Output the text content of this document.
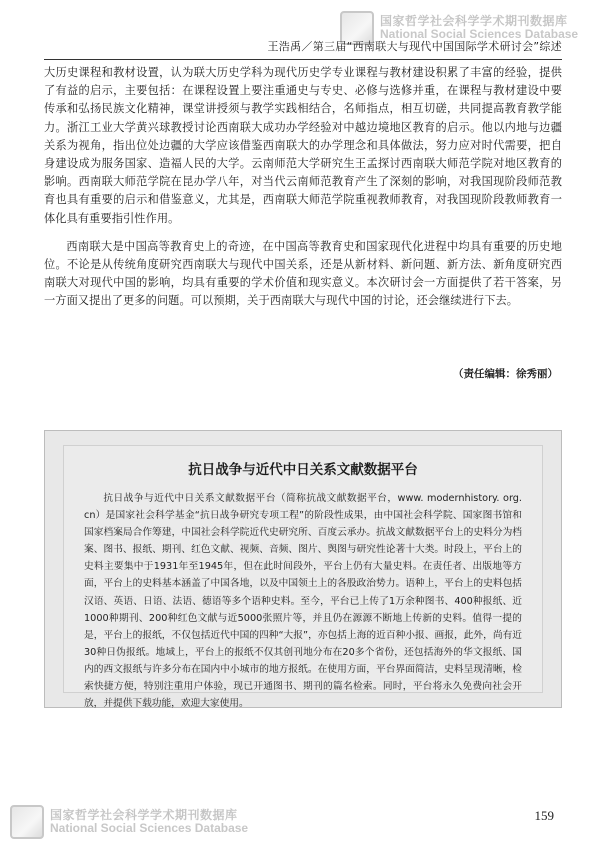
国家哲学社会科学学术期刊数据库
National Social Sciences Database
王浩禹／第三届“西南联大与现代中国国际学术研讨会”综述

大历史课程和教材设置，认为联大历史学科为现代历史学专业课程与教材建设积累了丰富的经验，提供了有益的启示，主要包括：在课程设置上要注重通史与专史、必修与选修并重，在课程与教材建设中要传承和弘扬民族文化精神，课堂讲授须与教学实践相结合，名师指点，相互切磋，共同提高教育教学能力。浙江工业大学黄兴球教授讨论西南联大成功办学经验对中越边境地区教育的启示。他以内地与边疆关系为视角，指出位处边疆的大学应该借鉴西南联大的办学理念和具体做法，努力应对时代需要，把自身建设成为服务国家、造福人民的大学。云南师范大学研究生王孟探讨西南联大师范学院对地区教育的影响。西南联大师范学院在昆办学八年，对当代云南师范教育产生了深刻的影响，对我国现阶段师范教育也具有重要的启示和借鉴意义，尤其是，西南联大师范学院重视教师教育，对我国现阶段教师教育一体化具有重要指引性作用。

西南联大是中国高等教育史上的奇迹，在中国高等教育史和国家现代化进程中均具有重要的历史地位。不论是从传统角度研究西南联大与现代中国关系，还是从新材料、新问题、新方法、新角度研究西南联大对现代中国的影响，均具有重要的学术价值和现实意义。本次研讨会一方面提供了若干答案，另一方面又提出了更多的问题。可以预期，关于西南联大与现代中国的讨论，还会继续进行下去。

（责任编辑：徐秀丽）
抗日战争与近代中日关系文献数据平台

抗日战争与近代中日关系文献数据平台（简称抗战文献数据平台，www. modernhistory. org. cn）是国家社会科学基金“抗日战争研究专项工程”的阶段性成果，由中国社会科学院、国家图书馆和国家档案局合作筹建，中国社会科学院近代史研究所、百度云承办。抗战文献数据平台上的史料分为档案、图书、报纸、期刊、红色文献、视频、音频、图片、舆图与研究性论著十大类。时段上，平台上的史料主要集中于1931年至1945年，但在此时间段外，平台上仍有大量史料。在责任者、出版地等方面，平台上的史料基本涵盖了中国各地，以及中国领土上的各股政治势力。语种上，平台上的史料包括汉语、英语、日语、法语、德语等多个语种史料。至今，平台已上传了1万余种图书、400种报纸、近1000种期刊、200种红色文献与近5000张照片等，并且仍在源源不断地上传新的史料。值得一提的是，平台上的报纸，不仅包括近代中国的四种“大报”，亦包括上海的近百种小报、画报，此外，尚有近30种日伪报纸。地域上，平台上的报纸不仅其创刊地分布在20多个省份，还包括海外的华文报纸、国内的西文报纸与许多分布在国内中小城市的地方报纸。在使用方面，平台界面简洁，史料呈现清晰，检索快捷方便，特别注重用户体验，现已开通图书、期刊的篇名检索。同时，平台将永久免费向社会开放，并提供下载功能，欢迎大家使用。

国家哲学社会科学学术期刊数据库
National Social Sciences Database
159
